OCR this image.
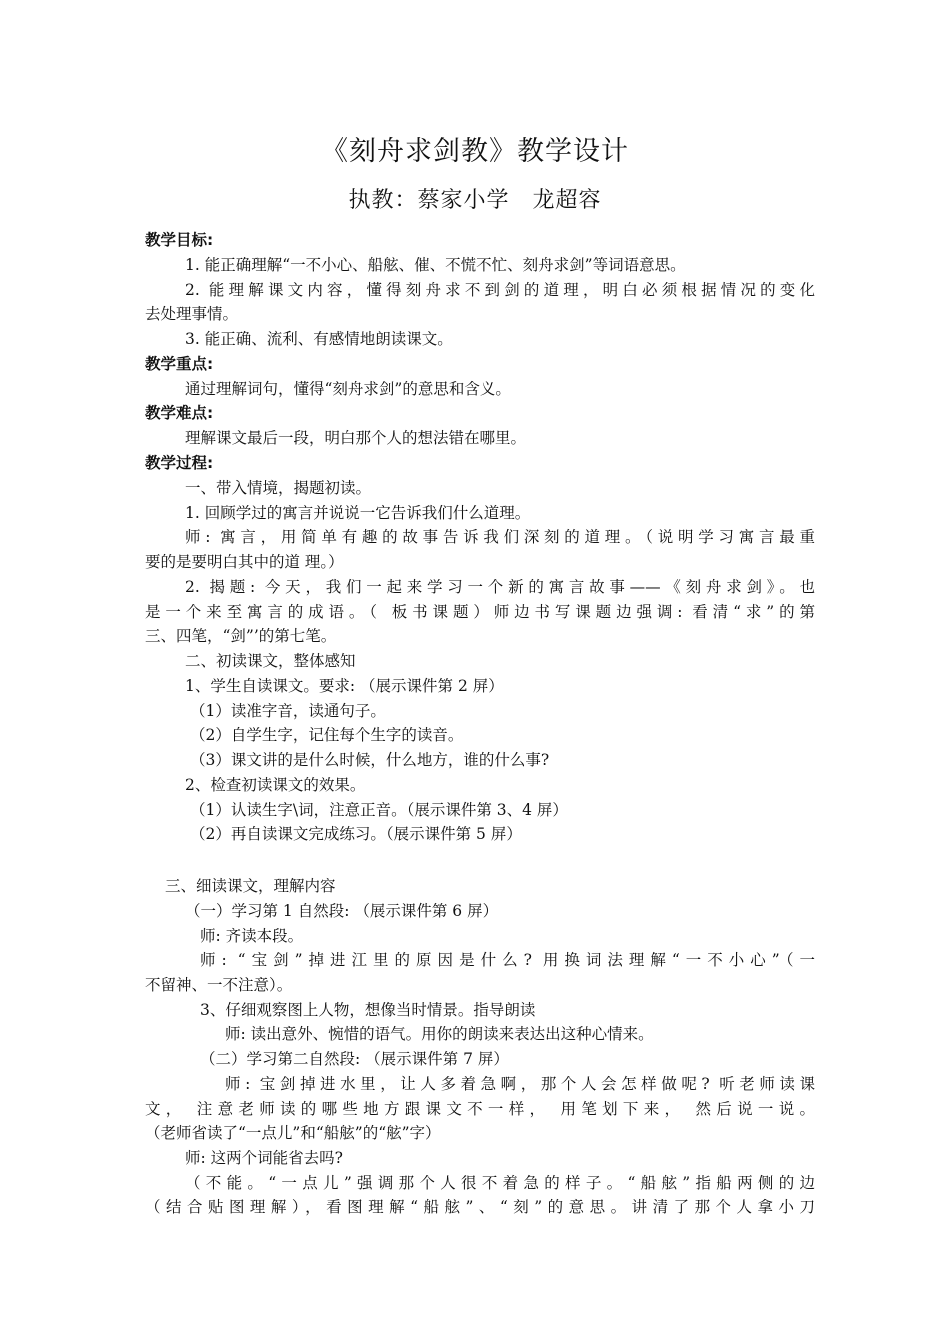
《刻舟求剑教》教学设计
执教：蔡家小学　龙超容
教学目标:
1. 能正确理解“一不小心、船舷、催、不慌不忙、刻舟求剑”等词语意思。
2. 能理解课文内容，懂得刻舟求不到剑的道理，明白必须根据情况的变化
去处理事情。
3. 能正确、流利、有感情地朗读课文。
教学重点:
通过理解词句，懂得“刻舟求剑”的意思和含义。
教学难点:
理解课文最后一段，明白那个人的想法错在哪里。
教学过程:
一、带入情境，揭题初读。
1. 回顾学过的寓言并说说一它告诉我们什么道理。
师: 寓言，用简单有趣的故事告诉我们深刻的道理。（说明学习寓言最重
要的是要明白其中的道 理。）
2. 揭题: 今天，我们一起来学习一个新的寓言故事——《刻舟求剑》。也
是一个来至寓言的成语。（ 板书课题）师边书写课题边强调: 看清“求”的第
三、四笔，“剑”’的第七笔。
二、初读课文，整体感知
1、学生自读课文。要求: （展示课件第 2 屏）
（1）读准字音，读通句子。
（2）自学生字，记住每个生字的读音。
（3）课文讲的是什么时候，什么地方，谁的什么事?
2、检查初读课文的效果。
（1）认读生字\词，注意正音。（展示课件第 3、4 屏）
（2）再自读课文完成练习。（展示课件第 5 屏）
三、细读课文，理解内容
（一）学习第 1 自然段: （展示课件第 6 屏）
师: 齐读本段。
师: “宝剑”掉进江里的原因是什么? 用换词法理解“一不小心”（一
不留神、一不注意）。
3、仔细观察图上人物，想像当时情景。指导朗读
师: 读出意外、惋惜的语气。用你的朗读来表达出这种心情来。
（二）学习第二自然段: （展示课件第 7 屏）
师: 宝剑掉进水里，让人多着急啊，那个人会怎样做呢? 听老师读课
文， 注意老师读的哪些地方跟课文不一样， 用笔划下来， 然后说一说。
（老师省读了“一点儿”和“船舷”的“舷”字）
师: 这两个词能省去吗?
（不能。“一点儿”强调那个人很不着急的样子。“船舷”指船两侧的边
（结合贴图理解），看图理解“船舷”、“刻”的意思。讲清了那个人拿小刀
